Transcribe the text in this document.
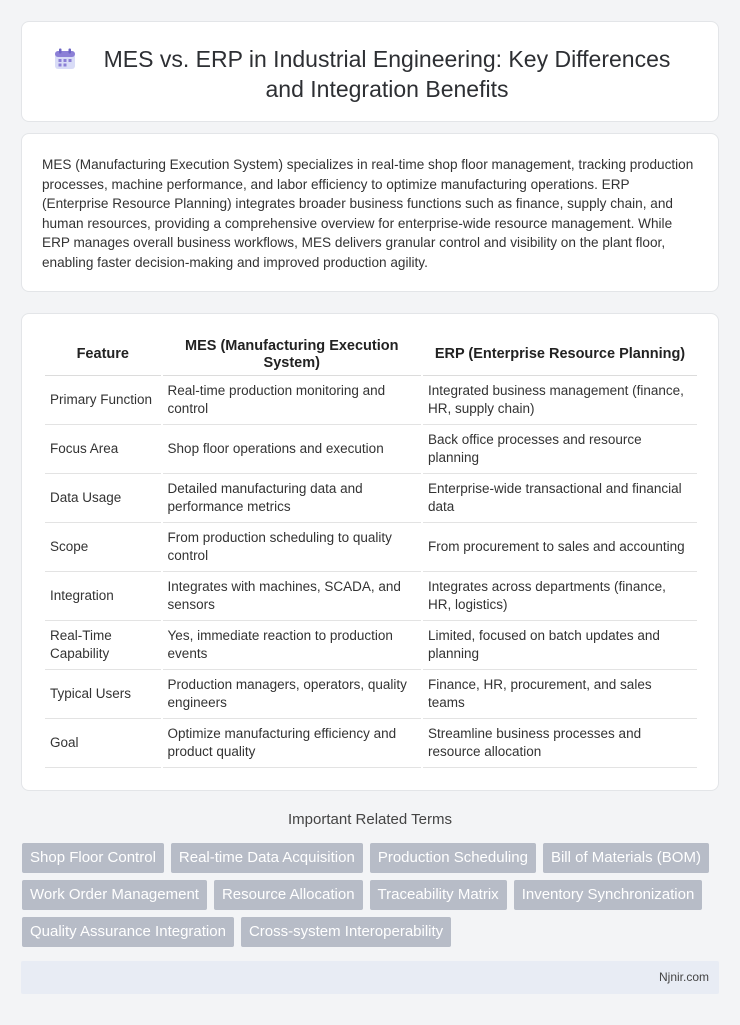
MES vs. ERP in Industrial Engineering: Key Differences and Integration Benefits

MES (Manufacturing Execution System) specializes in real-time shop floor management, tracking production processes, machine performance, and labor efficiency to optimize manufacturing operations. ERP (Enterprise Resource Planning) integrates broader business functions such as finance, supply chain, and human resources, providing a comprehensive overview for enterprise-wide resource management. While ERP manages overall business workflows, MES delivers granular control and visibility on the plant floor, enabling faster decision-making and improved production agility.

Feature	MES (Manufacturing Execution System)	ERP (Enterprise Resource Planning)
Primary Function	Real-time production monitoring and control	Integrated business management (finance, HR, supply chain)
Focus Area	Shop floor operations and execution	Back office processes and resource planning
Data Usage	Detailed manufacturing data and performance metrics	Enterprise-wide transactional and financial data
Scope	From production scheduling to quality control	From procurement to sales and accounting
Integration	Integrates with machines, SCADA, and sensors	Integrates across departments (finance, HR, logistics)
Real-Time Capability	Yes, immediate reaction to production events	Limited, focused on batch updates and planning
Typical Users	Production managers, operators, quality engineers	Finance, HR, procurement, and sales teams
Goal	Optimize manufacturing efficiency and product quality	Streamline business processes and resource allocation
Important Related Terms
Shop Floor Control	Real-time Data Acquisition	Production Scheduling	Bill of Materials (BOM)
Work Order Management	Resource Allocation	Traceability Matrix	Inventory Synchronization
Quality Assurance Integration	Cross-system Interoperability
Njnir.com
